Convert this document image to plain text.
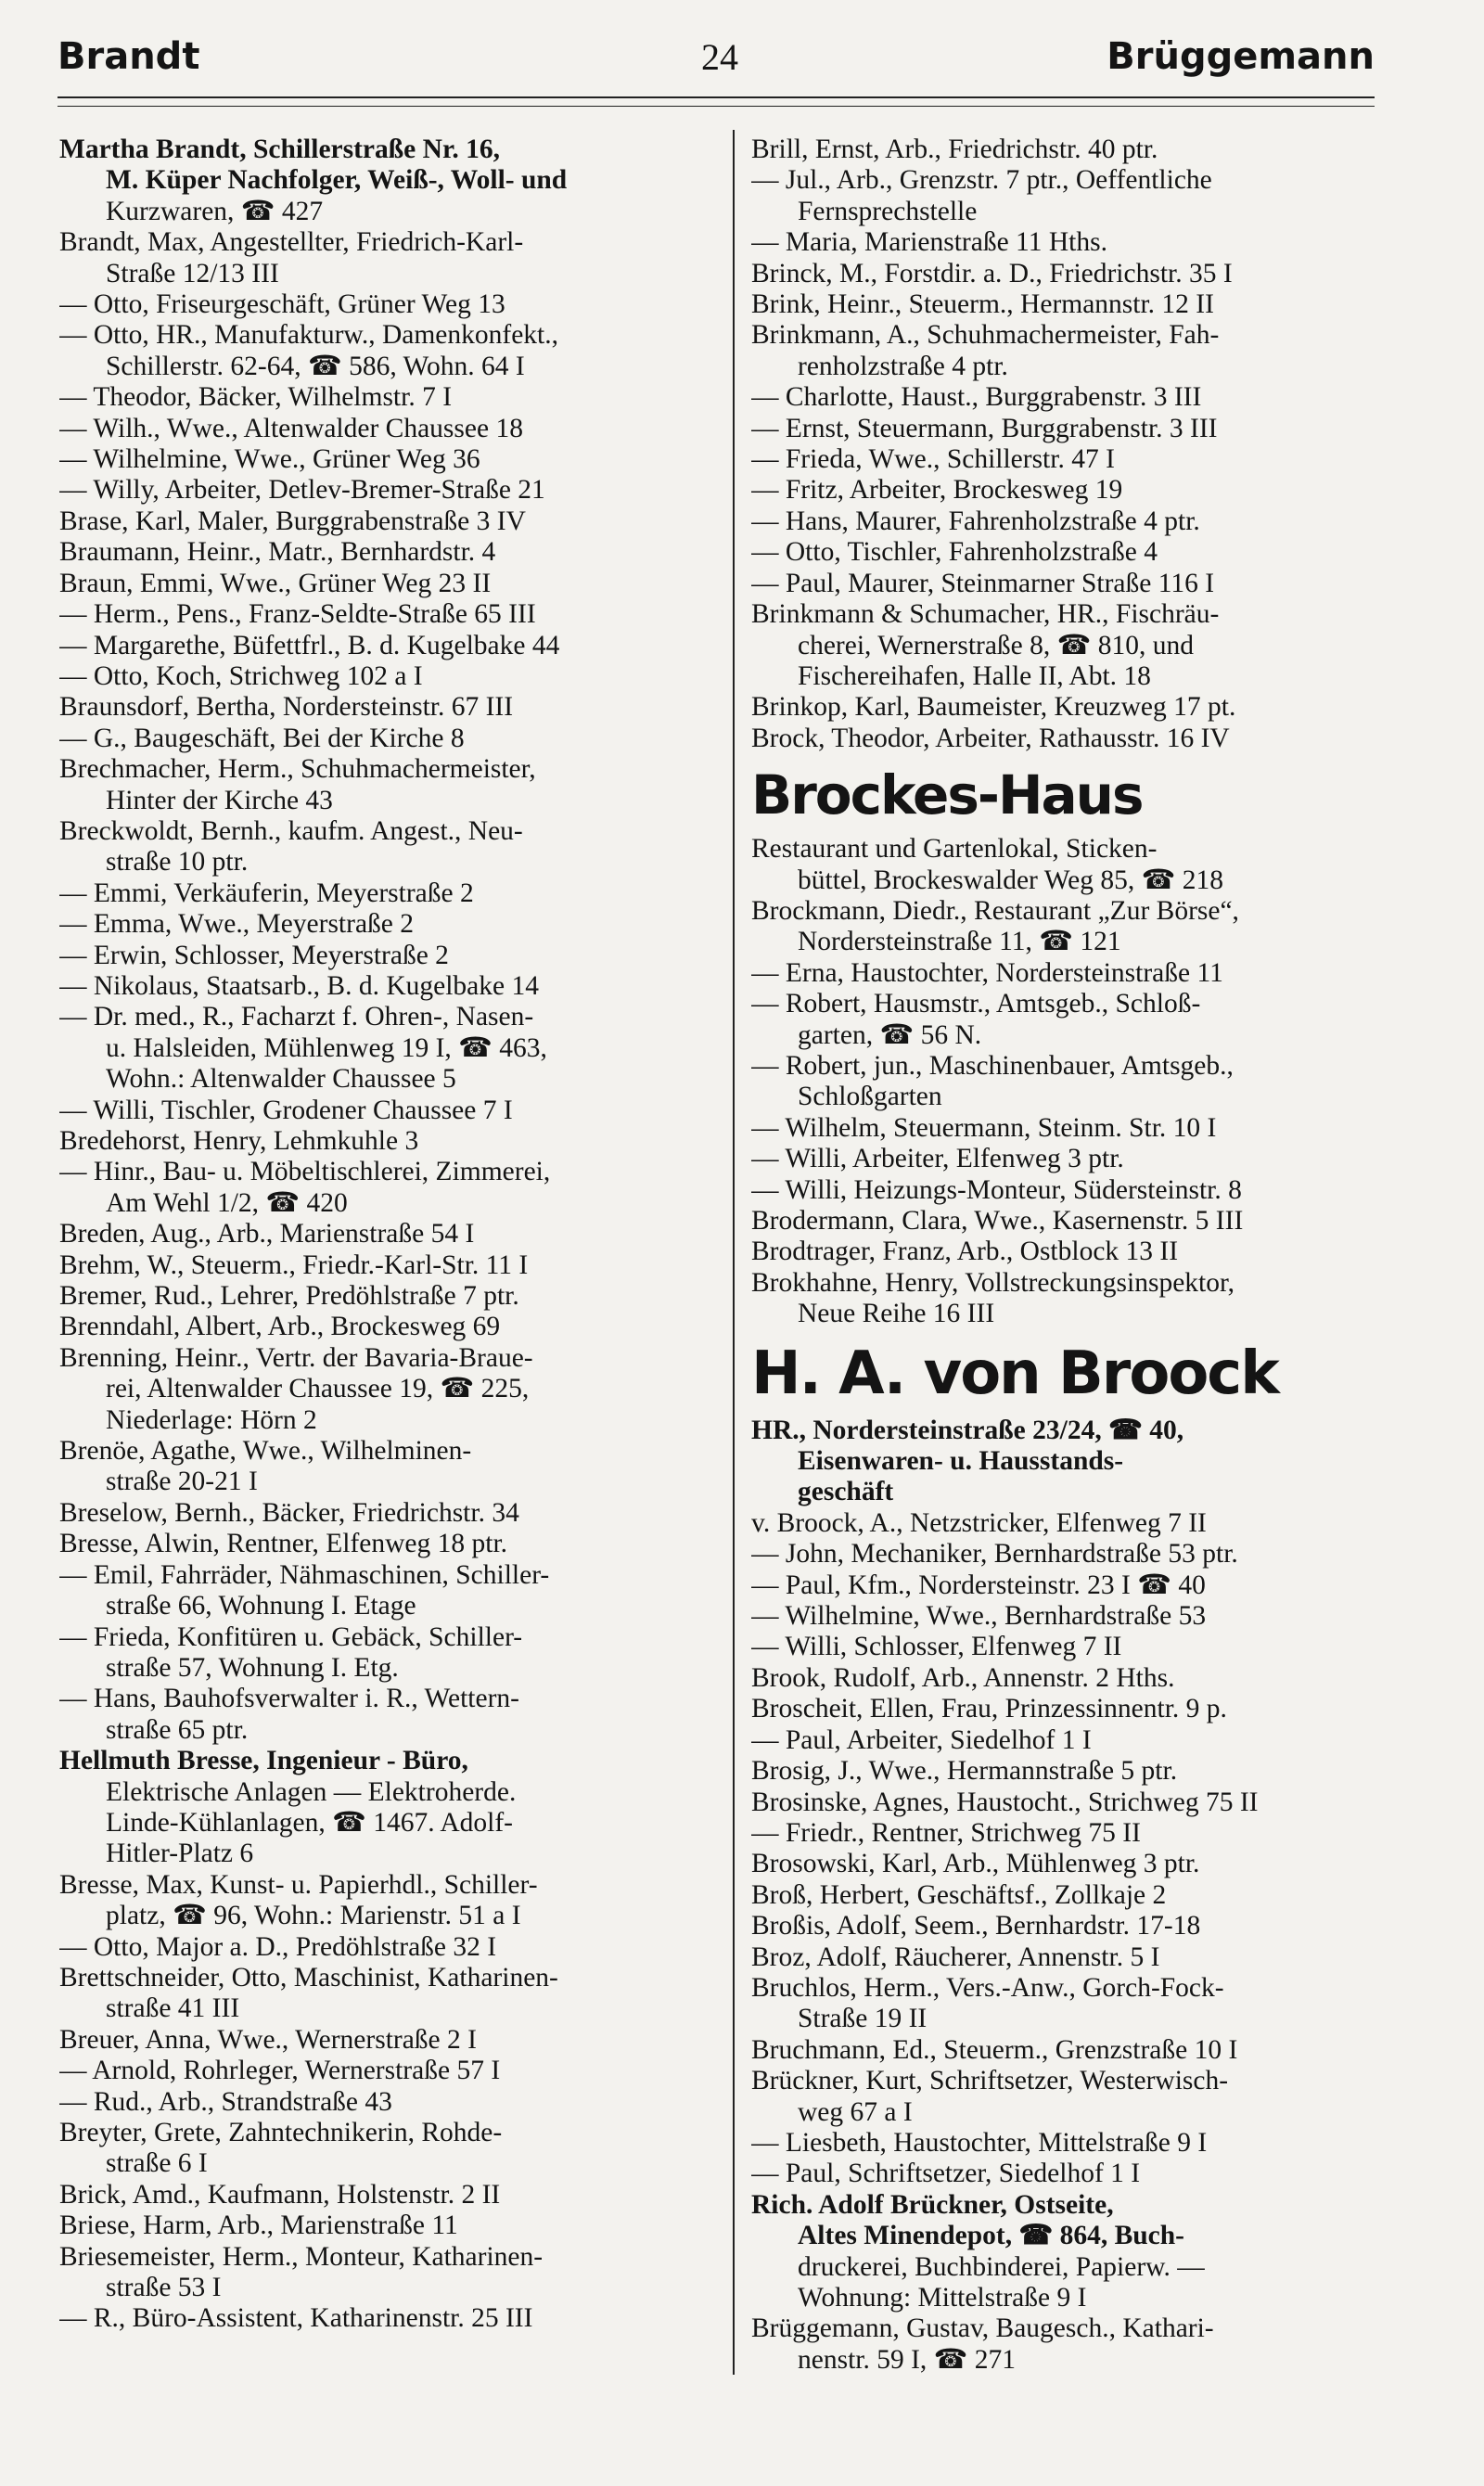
Brandt	24	Brüggemann

Martha Brandt, Schillerstraße Nr. 16,
M. Küper Nachfolger, Weiß-, Woll- und
Kurzwaren, ☎ 427

Brandt, Max, Angestellter, Friedrich-Karl-
Straße 12/13 III

— Otto, Friseurgeschäft, Grüner Weg 13

— Otto, HR., Manufakturw., Damenkonfekt.,
Schillerstr. 62-64, ☎ 586, Wohn. 64 I

— Theodor, Bäcker, Wilhelmstr. 7 I

— Wilh., Wwe., Altenwalder Chaussee 18

— Wilhelmine, Wwe., Grüner Weg 36

— Willy, Arbeiter, Detlev-Bremer-Straße 21

Brase, Karl, Maler, Burggrabenstraße 3 IV

Braumann, Heinr., Matr., Bernhardstr. 4

Braun, Emmi, Wwe., Grüner Weg 23 II

— Herm., Pens., Franz-Seldte-Straße 65 III

— Margarethe, Büfettfrl., B. d. Kugelbake 44

— Otto, Koch, Strichweg 102 a I

Braunsdorf, Bertha, Nordersteinstr. 67 III

— G., Baugeschäft, Bei der Kirche 8

Brechmacher, Herm., Schuhmachermeister,
Hinter der Kirche 43

Breckwoldt, Bernh., kaufm. Angest., Neu-
straße 10 ptr.

— Emmi, Verkäuferin, Meyerstraße 2

— Emma, Wwe., Meyerstraße 2

— Erwin, Schlosser, Meyerstraße 2

— Nikolaus, Staatsarb., B. d. Kugelbake 14

— Dr. med., R., Facharzt f. Ohren-, Nasen-
u. Halsleiden, Mühlenweg 19 I, ☎ 463,
Wohn.: Altenwalder Chaussee 5

— Willi, Tischler, Grodener Chaussee 7 I

Bredehorst, Henry, Lehmkuhle 3

— Hinr., Bau- u. Möbeltischlerei, Zimmerei,
Am Wehl 1/2, ☎ 420

Breden, Aug., Arb., Marienstraße 54 I

Brehm, W., Steuerm., Friedr.-Karl-Str. 11 I

Bremer, Rud., Lehrer, Predöhlstraße 7 ptr.

Brenndahl, Albert, Arb., Brockesweg 69

Brenning, Heinr., Vertr. der Bavaria-Braue-
rei, Altenwalder Chaussee 19, ☎ 225,
Niederlage: Hörn 2

Brenöe, Agathe, Wwe., Wilhelminen-
straße 20-21 I

Breselow, Bernh., Bäcker, Friedrichstr. 34

Bresse, Alwin, Rentner, Elfenweg 18 ptr.

— Emil, Fahrräder, Nähmaschinen, Schiller-
straße 66, Wohnung I. Etage

— Frieda, Konfitüren u. Gebäck, Schiller-
straße 57, Wohnung I. Etg.

— Hans, Bauhofsverwalter i. R., Wettern-
straße 65 ptr.

Hellmuth Bresse, Ingenieur - Büro,
Elektrische Anlagen — Elektroherde.
Linde-Kühlanlagen, ☎ 1467. Adolf-
Hitler-Platz 6

Bresse, Max, Kunst- u. Papierhdl., Schiller-
platz, ☎ 96, Wohn.: Marienstr. 51 a I

— Otto, Major a. D., Predöhlstraße 32 I

Brettschneider, Otto, Maschinist, Katharinen-
straße 41 III

Breuer, Anna, Wwe., Wernerstraße 2 I

— Arnold, Rohrleger, Wernerstraße 57 I

— Rud., Arb., Strandstraße 43

Breyter, Grete, Zahntechnikerin, Rohde-
straße 6 I

Brick, Amd., Kaufmann, Holstenstr. 2 II

Briese, Harm, Arb., Marienstraße 11

Briesemeister, Herm., Monteur, Katharinen-
straße 53 I

— R., Büro-Assistent, Katharinenstr. 25 III

Brill, Ernst, Arb., Friedrichstr. 40 ptr.

— Jul., Arb., Grenzstr. 7 ptr., Oeffentliche
Fernsprechstelle

— Maria, Marienstraße 11 Hths.

Brinck, M., Forstdir. a. D., Friedrichstr. 35 I

Brink, Heinr., Steuerm., Hermannstr. 12 II

Brinkmann, A., Schuhmachermeister, Fah-
renholzstraße 4 ptr.

— Charlotte, Haust., Burggrabenstr. 3 III

— Ernst, Steuermann, Burggrabenstr. 3 III

— Frieda, Wwe., Schillerstr. 47 I

— Fritz, Arbeiter, Brockesweg 19

— Hans, Maurer, Fahrenholzstraße 4 ptr.

— Otto, Tischler, Fahrenholzstraße 4

— Paul, Maurer, Steinmarner Straße 116 I

Brinkmann & Schumacher, HR., Fischräu-
cherei, Wernerstraße 8, ☎ 810, und
Fischereihafen, Halle II, Abt. 18

Brinkop, Karl, Baumeister, Kreuzweg 17 pt.

Brock, Theodor, Arbeiter, Rathausstr. 16 IV

Brockes-Haus

Restaurant und Gartenlokal, Sticken-
büttel, Brockeswalder Weg 85, ☎ 218

Brockmann, Diedr., Restaurant „Zur Börse“,
Nordersteinstraße 11, ☎ 121

— Erna, Haustochter, Nordersteinstraße 11

— Robert, Hausmstr., Amtsgeb., Schloß-
garten, ☎ 56 N.

— Robert, jun., Maschinenbauer, Amtsgeb.,
Schloßgarten

— Wilhelm, Steuermann, Steinm. Str. 10 I

— Willi, Arbeiter, Elfenweg 3 ptr.

— Willi, Heizungs-Monteur, Südersteinstr. 8

Brodermann, Clara, Wwe., Kasernenstr. 5 III

Brodtrager, Franz, Arb., Ostblock 13 II

Brokhahne, Henry, Vollstreckungsinspektor,
Neue Reihe 16 III

H. A. von Broock

HR., Nordersteinstraße 23/24, ☎ 40,
Eisenwaren- u. Hausstands-
geschäft

v. Broock, A., Netzstricker, Elfenweg 7 II

— John, Mechaniker, Bernhardstraße 53 ptr.

— Paul, Kfm., Nordersteinstr. 23 I ☎ 40

— Wilhelmine, Wwe., Bernhardstraße 53

— Willi, Schlosser, Elfenweg 7 II

Brook, Rudolf, Arb., Annenstr. 2 Hths.

Broscheit, Ellen, Frau, Prinzessinnentr. 9 p.

— Paul, Arbeiter, Siedelhof 1 I

Brosig, J., Wwe., Hermannstraße 5 ptr.

Brosinske, Agnes, Haustocht., Strichweg 75 II

— Friedr., Rentner, Strichweg 75 II

Brosowski, Karl, Arb., Mühlenweg 3 ptr.

Broß, Herbert, Geschäftsf., Zollkaje 2

Broßis, Adolf, Seem., Bernhardstr. 17-18

Broz, Adolf, Räucherer, Annenstr. 5 I

Bruchlos, Herm., Vers.-Anw., Gorch-Fock-
Straße 19 II

Bruchmann, Ed., Steuerm., Grenzstraße 10 I

Brückner, Kurt, Schriftsetzer, Westerwisch-
weg 67 a I

— Liesbeth, Haustochter, Mittelstraße 9 I

— Paul, Schriftsetzer, Siedelhof 1 I

Rich. Adolf Brückner, Ostseite,
Altes Minendepot, ☎ 864, Buch-
druckerei, Buchbinderei, Papierw. —
Wohnung: Mittelstraße 9 I

Brüggemann, Gustav, Baugesch., Kathari-
nenstr. 59 I, ☎ 271
